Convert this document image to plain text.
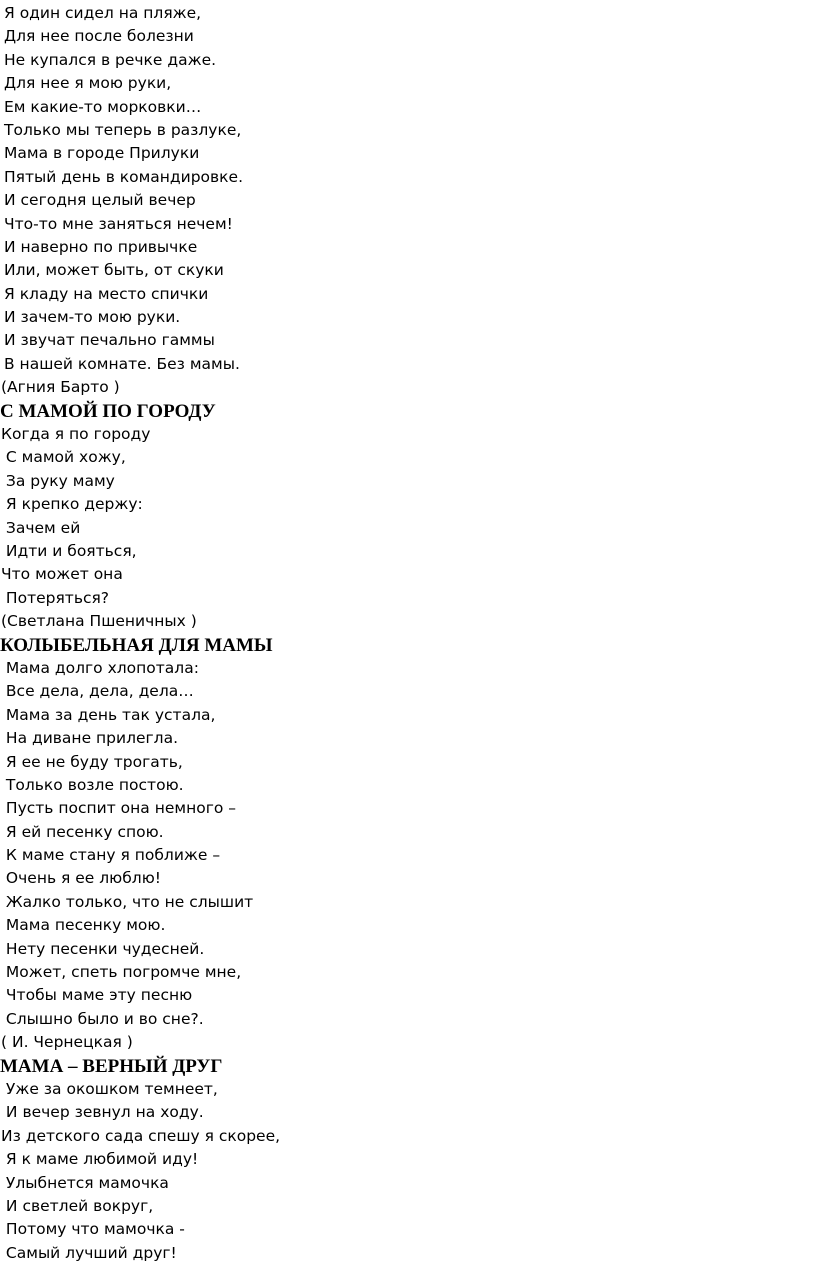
Я один сидел на пляже,
Для нее после болезни
Не купался в речке даже.
Для нее я мою руки,
Ем какие-то морковки…
Только мы теперь в разлуке,
Мама в городе Прилуки
Пятый день в командировке.
И сегодня целый вечер
Что-то мне заняться нечем!
И наверно по привычке
Или, может быть, от скуки
Я кладу на место спички
И зачем-то мою руки.
И звучат печально гаммы
В нашей комнате. Без мамы.
(Агния Барто )
С МАМОЙ ПО ГОРОДУ
Когда я по городу
С мамой хожу,
За руку маму
Я крепко держу:
Зачем ей
Идти и бояться,
Что может она
Потеряться?
(Светлана Пшеничных )
КОЛЫБЕЛЬНАЯ ДЛЯ МАМЫ
Мама долго хлопотала:
Все дела, дела, дела…
Мама за день так устала,
На диване прилегла.
Я ее не буду трогать,
Только возле постою.
Пусть поспит она немного –
Я ей песенку спою.
К маме стану я поближе –
Очень я ее люблю!
Жалко только, что не слышит
Мама песенку мою.
Нету песенки чудесней.
Может, спеть погромче мне,
Чтобы маме эту песню
Слышно было и во сне?.
( И. Чернецкая )
МАМА – ВЕРНЫЙ ДРУГ
Уже за окошком темнеет,
И вечер зевнул на ходу.
Из детского сада спешу я скорее,
Я к маме любимой иду!
Улыбнется мамочка
И светлей вокруг,
Потому что мамочка -
Самый лучший друг!
